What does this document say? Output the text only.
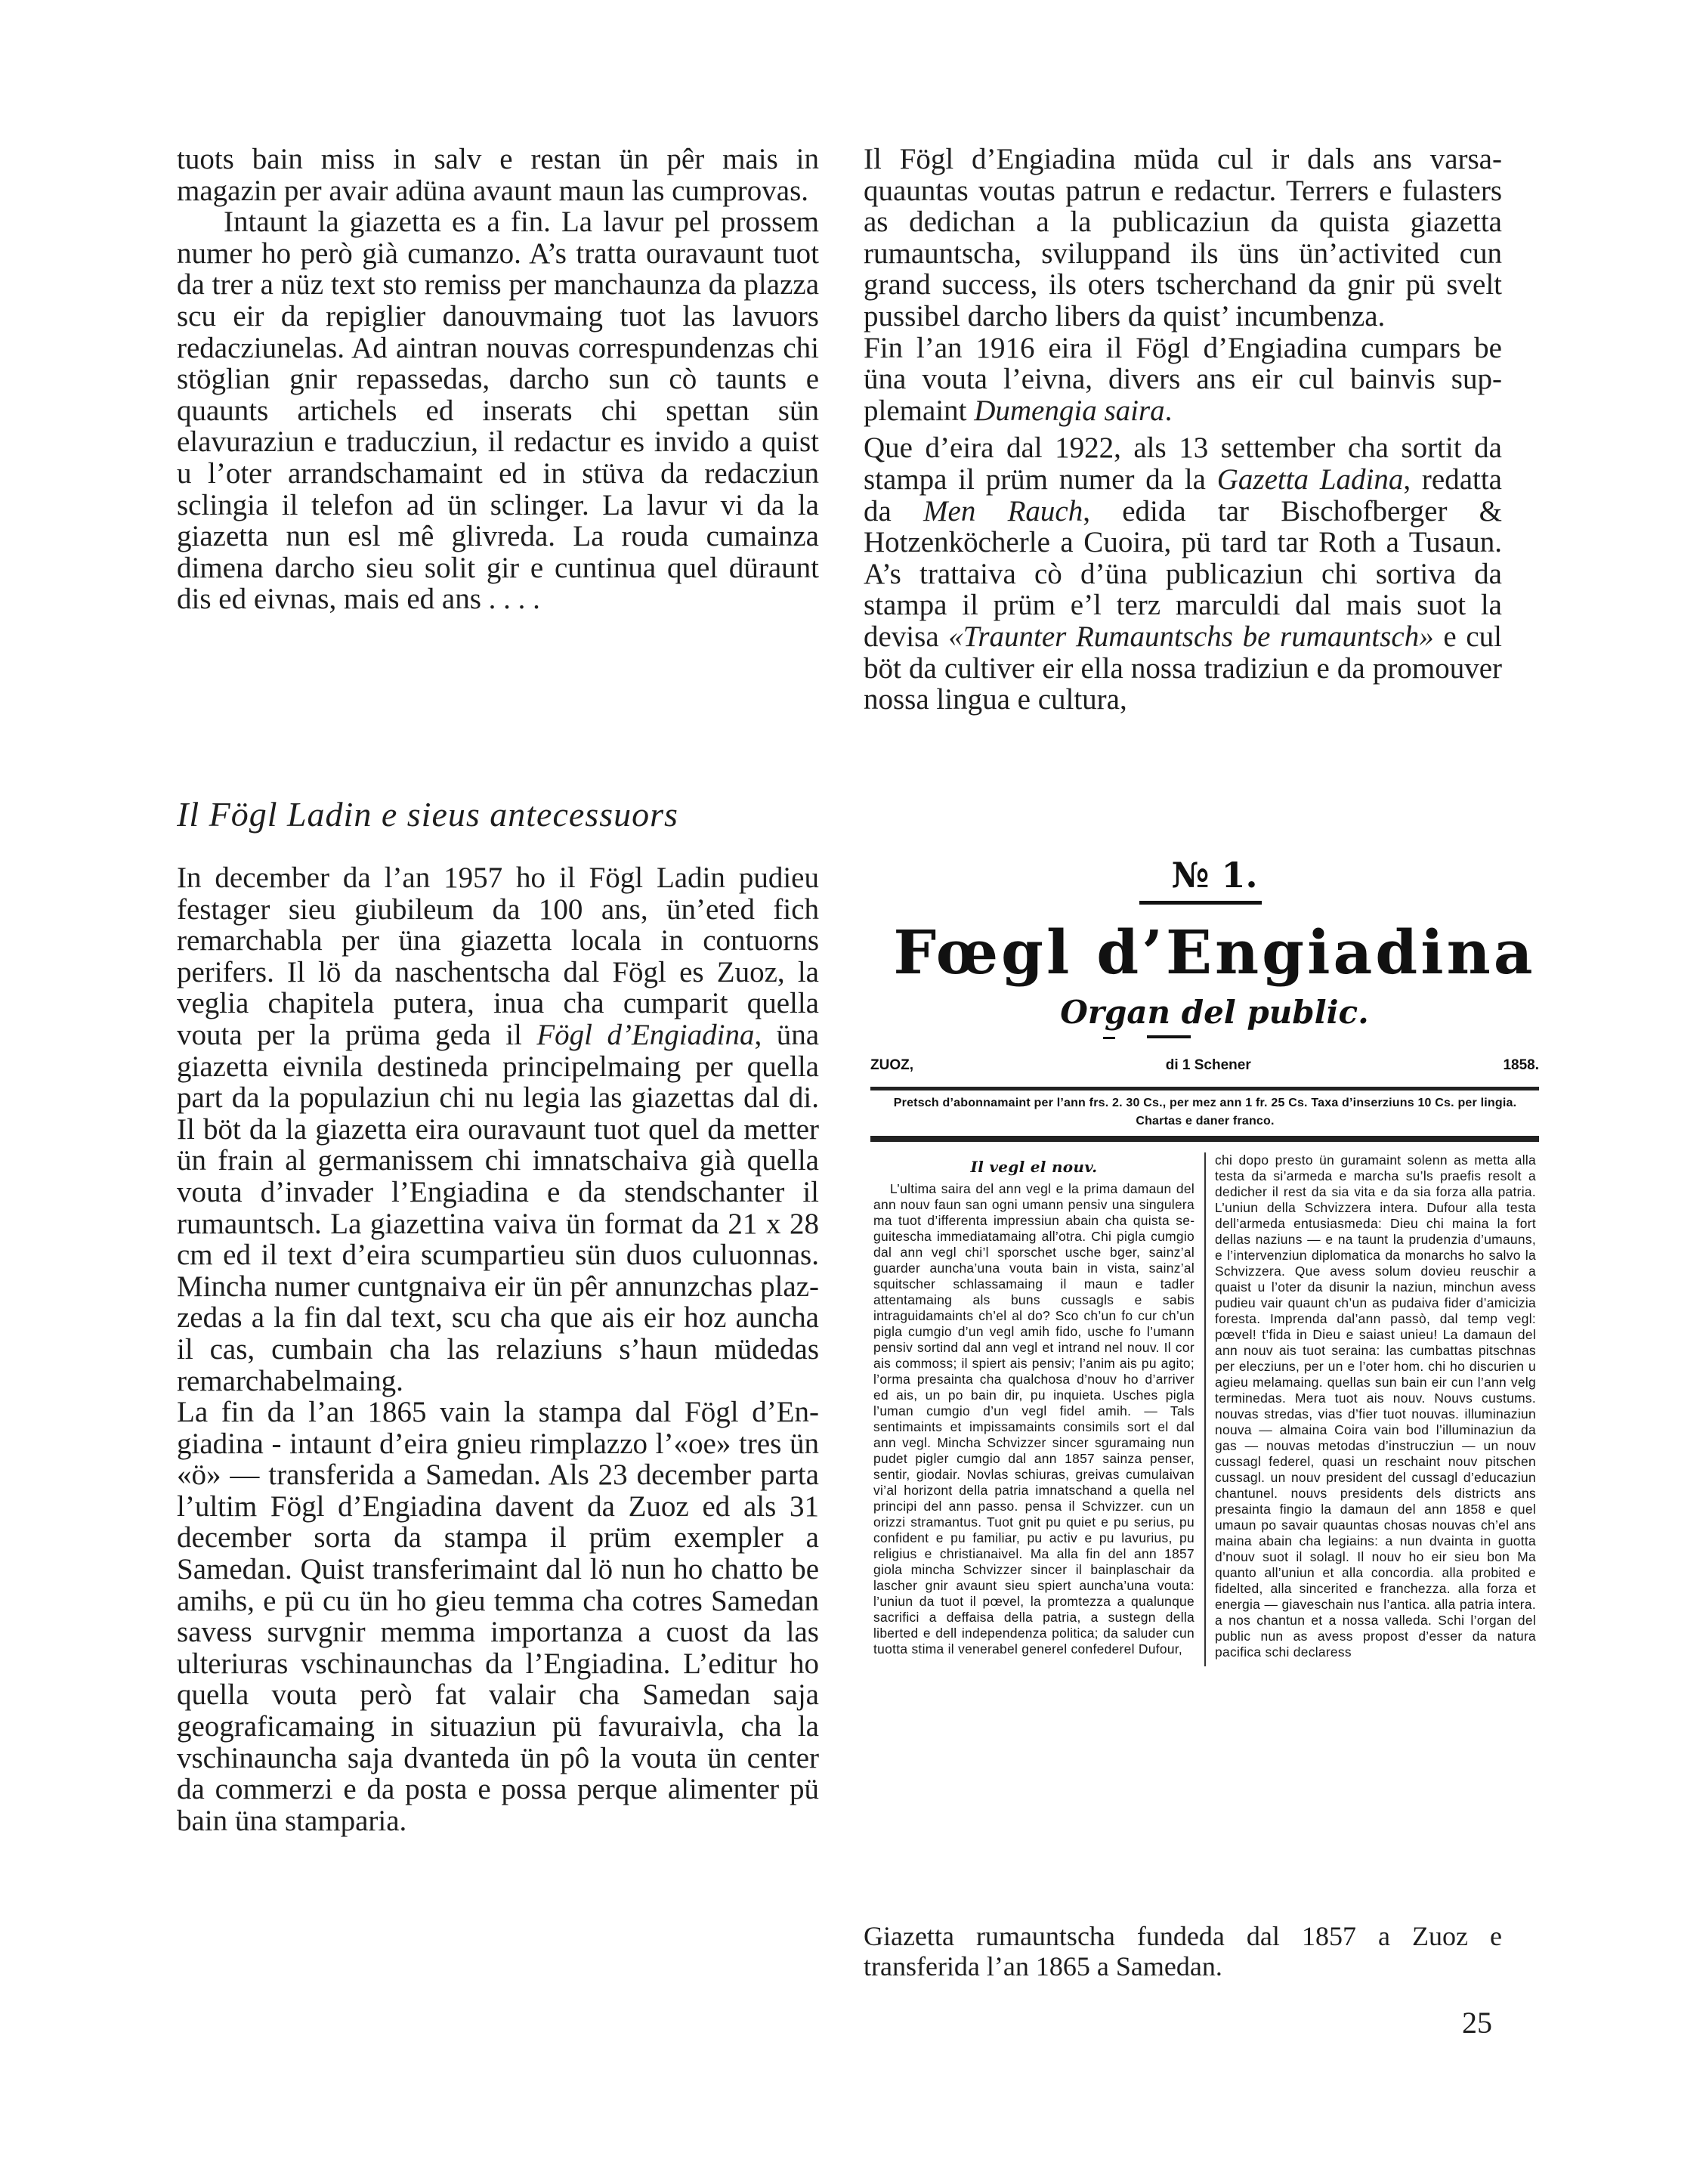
tuots bain miss in salv e restan ün pêr mais in magazin per avair adüna avaunt maun las cumprovas.

Intaunt la giazetta es a fin. La lavur pel prossem numer ho però già cumanzo. A’s tratta ouravaunt tuot da trer a nüz text sto remiss per manchaunza da plazza scu eir da repiglier danouvmaing tuot las lavuors redacziunelas. Ad aintran nouvas correspundenzas chi stöglian gnir repassedas, darcho sun cò taunts e quaunts artichels ed inserats chi spettan sün elavuraziun e traducziun, il redactur es invido a quist u l’oter arrandschamaint ed in stüva da redacziun sclingia il telefon ad ün sclinger. La lavur vi da la giazetta nun esl mê glivreda. La rouda cumainza dimena darcho sieu solit gir e cuntinua quel düraunt dis ed eivnas, mais ed ans . . . .

Il Fögl Ladin e sieus antecessuors

In december da l’an 1957 ho il Fögl Ladin pudieu festager sieu giubileum da 100 ans, ün’eted fich remarchabla per üna giazetta locala in contuorns perifers. Il lö da naschentscha dal Fögl es Zuoz, la veglia chapitela putera, inua cha cumparit quella vouta per la prüma geda il Fögl d’Engiadina, üna giazetta eivnila destineda principelmaing per quella part da la populaziun chi nu legia las giazettas dal di. Il böt da la giazetta eira ouravaunt tuot quel da metter ün frain al germanissem chi imnatschaiva già quella vouta d’invader l’Engiadina e da stendschanter il rumauntsch. La giazettina vaiva ün format da 21 x 28 cm ed il text d’eira scumpartieu sün duos culuonnas. Mincha numer cuntgnaiva eir ün pêr annunzchas plazzedas a la fin dal text, scu cha que ais eir hoz auncha il cas, cumbain cha las relaziuns s’haun müdedas remarchabelmaing.

La fin da l’an 1865 vain la stampa dal Fögl d’Engiadina - intaunt d’eira gnieu rimplazzo l’«oe» tres ün «ö» — transferida a Samedan. Als 23 december parta l’ultim Fögl d’Engiadina davent da Zuoz ed als 31 december sorta da stampa il prüm exempler a Samedan. Quist transferimaint dal lö nun ho chatto be amihs, e pü cu ün ho gieu temma cha cotres Samedan savess survgnir memma importanza a cuost da las ulteriuras vschinaunchas da l’Engiadina. L’editur ho quella vouta però fat valair cha Samedan saja geograficamaing in situaziun pü favuraivla, cha la vschinauncha saja dvanteda ün pô la vouta ün center da commerzi e da posta e possa perque alimenter pü bain üna stamparia.

Il Fögl d’Engiadina müda cul ir dals ans varsaquauntas voutas patrun e redactur. Terrers e fulasters as dedichan a la publicaziun da quista giazetta rumauntscha, sviluppand ils üns ün’activited cun grand success, ils oters tscherchand da gnir pü svelt pussibel darcho libers da quist’ incumbenza.

Fin l’an 1916 eira il Fögl d’Engiadina cumpars be üna vouta l’eivna, divers ans eir cul bainvis supplemaint Dumengia saira.

Que d’eira dal 1922, als 13 settember cha sortit da stampa il prüm numer da la Gazetta Ladina, redatta da Men Rauch, edida tar Bischofberger & Hotzenköcherle a Cuoira, pü tard tar Roth a Tusaun. A’s trattaiva cò d’üna publicaziun chi sortiva da stampa il prüm e’l terz marculdi dal mais suot la devisa «Traunter Rumauntschs be rumauntsch» e cul böt da cultiver eir ella nossa tradiziun e da promouver nossa lingua e cultura,

№ 1.
Fœgl d’Engiadina
Organ del public.
ZUOZ,	di 1 Schener	1858.
Pretsch d’abonnamaint per l’ann frs. 2. 30 Cs., per mez ann 1 fr. 25 Cs. Taxa d’inserziuns 10 Cs. per lingia. Chartas e daner franco.
Il vegl el nouv.

L’ultima saira del ann vegl e la prima damaun del ann nouv faun san ogni umann pensiv una singulera ma tuot d’ifferenta impressiun abain cha quista seguitescha immediatamaing all’otra. Chi pigla cumgio dal ann vegl chi’l sporschet usche bger, sainz’al guarder auncha’una vouta bain in vista, sainz’al squitscher schlassamaing il maun e tadler attentamaing als buns cussagls e sabis intraguidamaints ch’el al do? Sco ch’un fo cur ch’un pigla cumgio d’un vegl amih fido, usche fo l’umann pensiv sortind dal ann vegl et intrand nel nouv. Il cor ais commoss; il spiert ais pensiv; l’anim ais pu agito; l’orma presainta cha qualchosa d’nouv ho d’arriver ed ais, un po bain dir, pu inquieta. Usches pigla l’uman cumgio d’un vegl fidel amih. — Tals sentimaints et impissamaints consimils sort el dal ann vegl. Mincha Schvizzer sincer sguramaing nun pudet pigler cumgio dal ann 1857 sainza penser, sentir, giodair. Novlas schiuras, greivas cumulaivan vi’al horizont della patria imnatschand a quella nel principi del ann passo. pensa il Schvizzer. cun un orizzi stramantus. Tuot gnit pu quiet e pu serius, pu confident e pu familiar, pu activ e pu lavurius, pu religius e christianaivel. Ma alla fin del ann 1857 giola mincha Schvizzer sincer il bainplaschair da lascher gnir avaunt sieu spiert auncha’una vouta: l’uniun da tuot il pœvel, la promtezza a qualunque sacrifici a deffaisa della patria, a sustegn della liberted e dell independenza politica; da saluder cun tuotta stima il venerabel generel confederel Dufour,

chi dopo presto ün guramaint solenn as metta alla testa da si’armeda e marcha su’ls praefis resolt a dedicher il rest da sia vita e da sia forza alla patria. L’uniun della Schvizzera intera. Dufour alla testa dell’armeda entusiasmeda: Dieu chi maina la fort dellas naziuns — e na taunt la prudenzia d’umauns, e l’intervenziun diplomatica da monarchs ho salvo la Schvizzera. Que avess solum dovieu reuschir a quaist u l’oter da disunir la naziun, minchun avess pudieu vair quaunt ch’un as pudaiva fider d’amicizia foresta. Imprenda dal’ann passò, dal temp vegl: pœvel! t’fida in Dieu e saiast unieu! La damaun del ann nouv ais tuot seraina: las cumbattas pitschnas per elecziuns, per un e l’oter hom. chi ho discurien u agieu melamaing. quellas sun bain eir cun l’ann velg terminedas. Mera tuot ais nouv. Nouvs custums. nouvas stredas, vias d’fier tuot nouvas. illuminaziun nouva — almaina Coira vain bod l’illuminaziun da gas — nouvas metodas d’instrucziun — un nouv cussagl federel, quasi un reschaint nouv pitschen cussagl. un nouv president del cussagl d’educaziun chantunel. nouvs presidents dels districts ans presainta fingio la damaun del ann 1858 e quel umaun po savair quauntas chosas nouvas ch’el ans maina abain cha legiains: a nun dvainta in guotta d’nouv suot il solagl. Il nouv ho eir sieu bon Ma quanto all’uniun et alla concordia. alla probited e fidelted, alla sincerited e franchezza. alla forza et energia — giaveschain nus l’antica. alla patria intera. a nos chantun et a nossa valleda. Schi l’organ del public nun as avess propost d’esser da natura pacifica schi declaress

Giazetta rumauntscha fundeda dal 1857 a Zuoz e transferida l’an 1865 a Samedan.

25
